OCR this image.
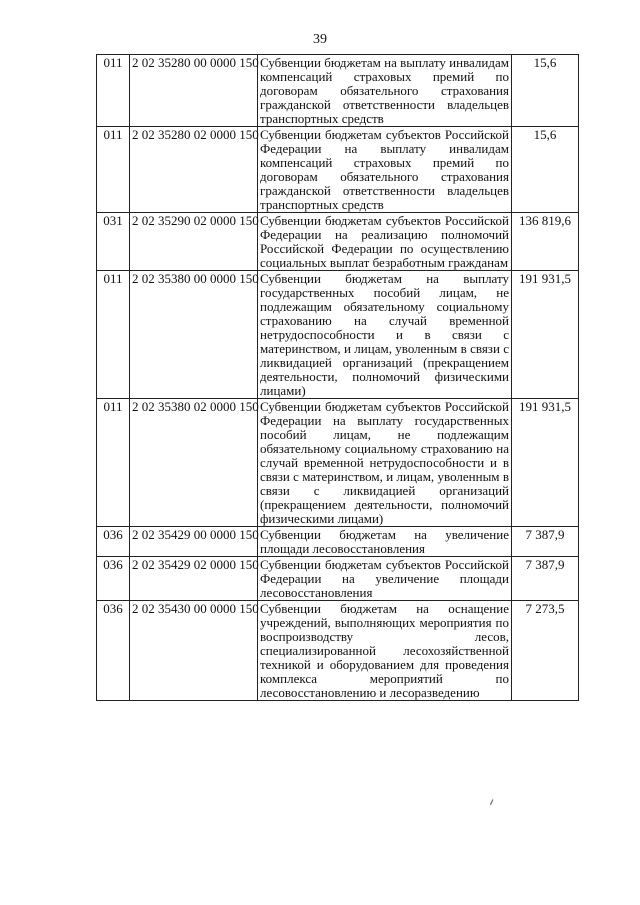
39
011	2 02 35280 00 0000 150	Субвенции бюджетам на выплату инвалидам компенсаций страховых премий по договорам обязательного страхования гражданской ответственности владельцев транспортных средств	15,6
011	2 02 35280 02 0000 150	Субвенции бюджетам субъектов Российской Федерации на выплату инвалидам компенсаций страховых премий по договорам обязательного страхования гражданской ответственности владельцев транспортных средств	15,6
031	2 02 35290 02 0000 150	Субвенции бюджетам субъектов Российской Федерации на реализацию полномочий Российской Федерации по осуществлению социальных выплат безработным гражданам	136 819,6
011	2 02 35380 00 0000 150	Субвенции бюджетам на выплату государственных пособий лицам, не подлежащим обязательному социальному страхованию на случай временной нетрудоспособности и в связи с материнством, и лицам, уволенным в связи с ликвидацией организаций (прекращением деятельности, полномочий физическими лицами)	191 931,5
011	2 02 35380 02 0000 150	Субвенции бюджетам субъектов Российской Федерации на выплату государственных пособий лицам, не подлежащим обязательному социальному страхованию на случай временной нетрудоспособности и в связи с материнством, и лицам, уволенным в связи с ликвидацией организаций (прекращением деятельности, полномочий физическими лицами)	191 931,5
036	2 02 35429 00 0000 150	Субвенции бюджетам на увеличение площади лесовосстановления	7 387,9
036	2 02 35429 02 0000 150	Субвенции бюджетам субъектов Российской Федерации на увеличение площади лесовосстановления	7 387,9
036	2 02 35430 00 0000 150	Субвенции бюджетам на оснащение учреждений, выполняющих мероприятия по воспроизводству лесов, специализированной лесохозяйственной техникой и оборудованием для проведения комплекса мероприятий по лесовосстановлению и лесоразведению	7 273,5
